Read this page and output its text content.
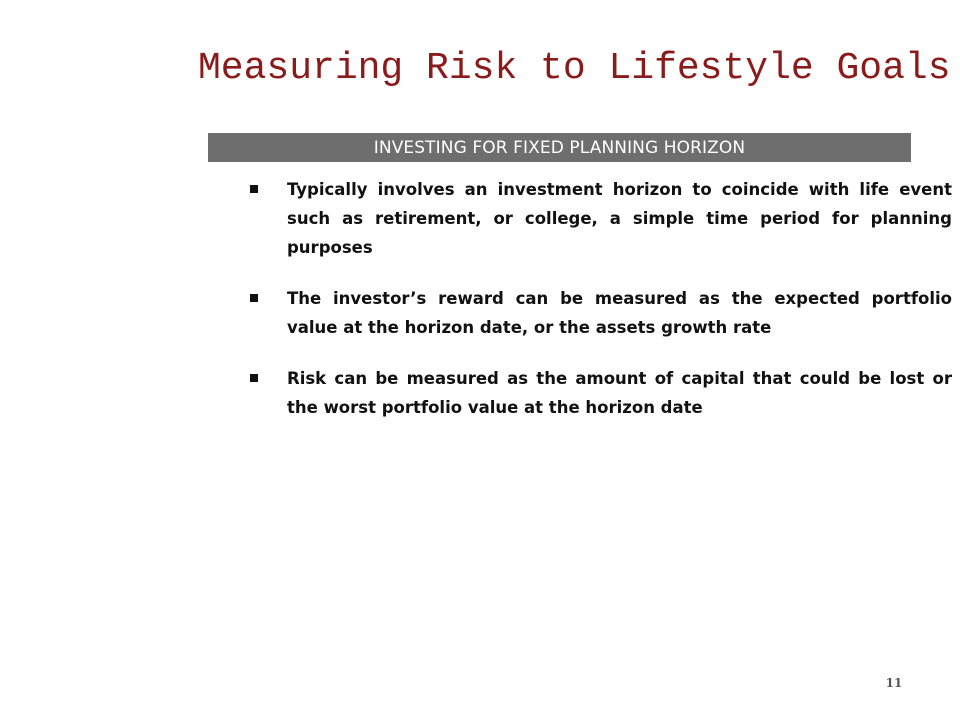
Measuring Risk to Lifestyle Goals
INVESTING FOR FIXED PLANNING HORIZON
Typically involves an investment horizon to coincide with life event such as retirement, or college, a simple time period for planning purposes
The investor’s reward can be measured as the expected portfolio value at the horizon date, or the assets growth rate
Risk can be measured as the amount of capital that could be lost or the worst portfolio value at the horizon date
11
